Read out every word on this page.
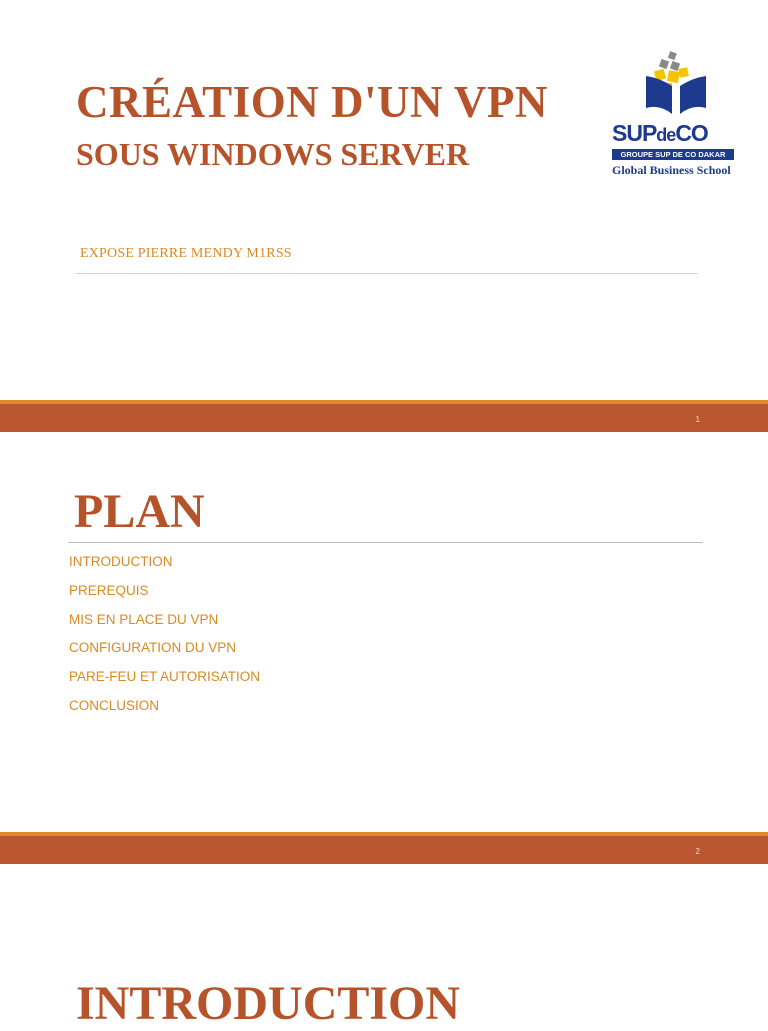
CRÉATION D'UN VPN
SOUS WINDOWS SERVER

SUPdeCO

GROUPE SUP DE CO DAKAR

Global Business School

EXPOSE PIERRE MENDY M1RSS

1

PLAN
INTRODUCTION
PREREQUIS
MIS EN PLACE DU VPN
CONFIGURATION DU VPN
PARE-FEU ET AUTORISATION
CONCLUSION

2

INTRODUCTION
